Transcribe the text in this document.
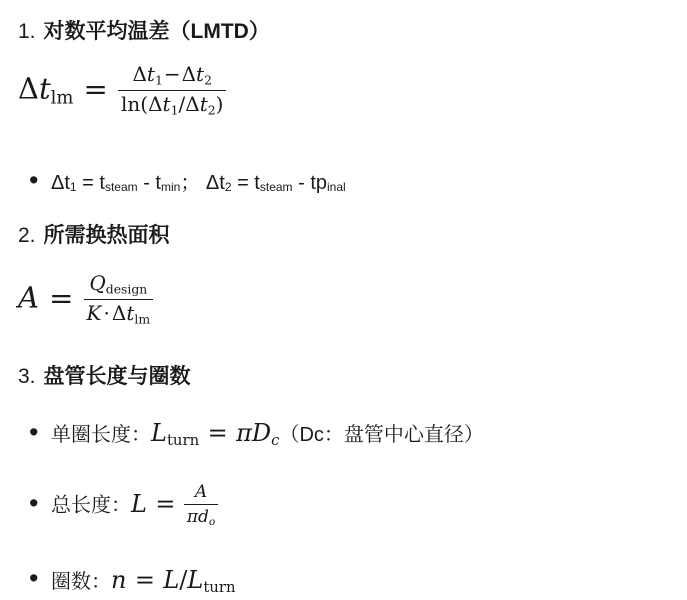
1. 对数平均温差（LMTD）
$\Delta tlm = \frac{\Delta t1-\Delta t2}{\ln(\Delta t1/\Delta t2)}$
• Δt1 = tsteam - tmin； Δt2 = tsteam - tpinal
2. 所需换热面积
$A = \frac{\text{Qdesign}}{\text{K · Δtlm}}$
3. 盘管长度与圈数
• 单圈长度：Lturn = πDc（Dc：盘管中心直径）
• 总长度：$L = \frac{A}{\text{πdo}}$
• 圈数：n = L/Lturn
